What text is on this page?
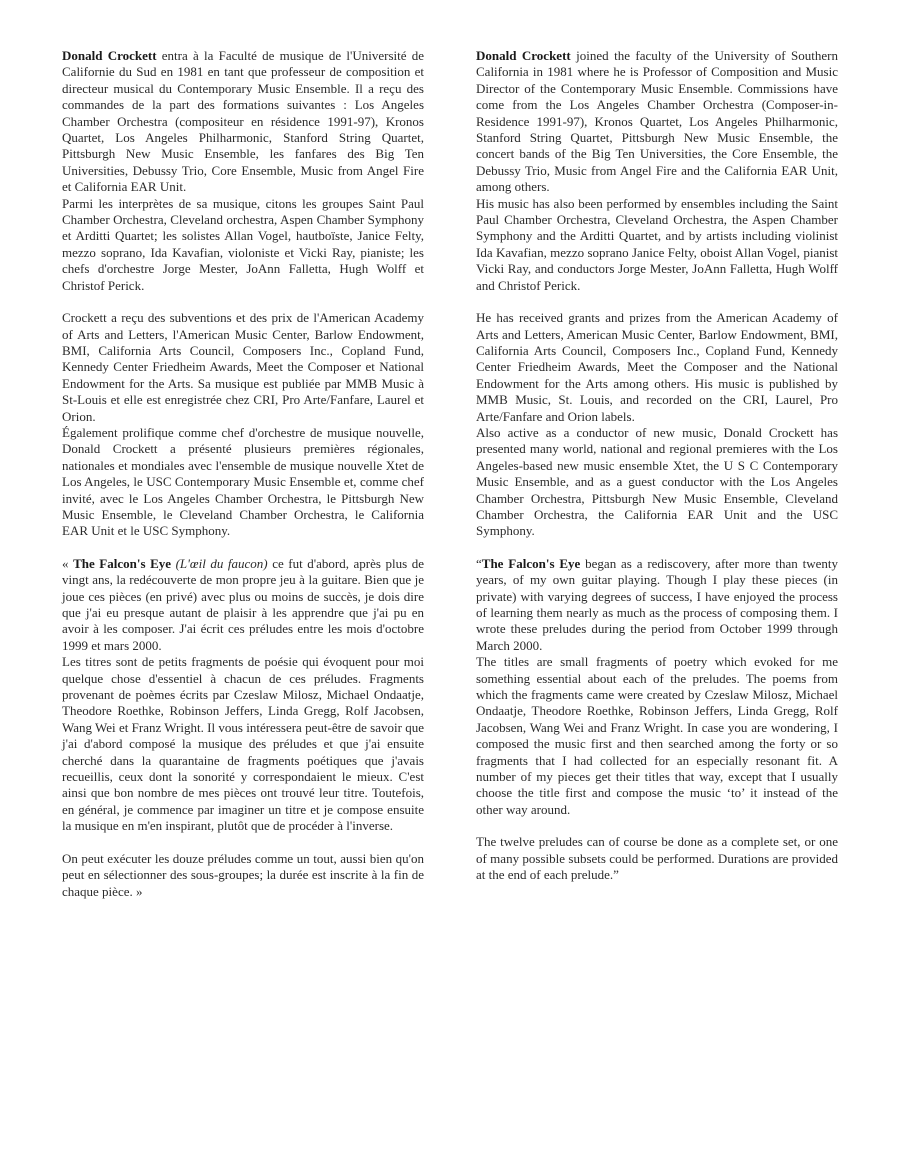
Donald Crockett entra à la Faculté de musique de l'Université de Californie du Sud en 1981 en tant que professeur de composition et directeur musical du Contemporary Music Ensemble. Il a reçu des commandes de la part des formations suivantes : Los Angeles Chamber Orchestra (compositeur en résidence 1991-97), Kronos Quartet, Los Angeles Philharmonic, Stanford String Quartet, Pittsburgh New Music Ensemble, les fanfares des Big Ten Universities, Debussy Trio, Core Ensemble, Music from Angel Fire et California EAR Unit.

Parmi les interprètes de sa musique, citons les groupes Saint Paul Chamber Orchestra, Cleveland orchestra, Aspen Chamber Symphony et Arditti Quartet; les solistes Allan Vogel, hautboïste, Janice Felty, mezzo soprano, Ida Kavafian, violoniste et Vicki Ray, pianiste; les chefs d'orchestre Jorge Mester, JoAnn Falletta, Hugh Wolff et Christof Perick.

Crockett a reçu des subventions et des prix de l'American Academy of Arts and Letters, l'American Music Center, Barlow Endowment, BMI, California Arts Council, Composers Inc., Copland Fund, Kennedy Center Friedheim Awards, Meet the Composer et National Endowment for the Arts. Sa musique est publiée par MMB Music à St-Louis et elle est enregistrée chez CRI, Pro Arte/Fanfare, Laurel et Orion.

Également prolifique comme chef d'orchestre de musique nouvelle, Donald Crockett a présenté plusieurs premières régionales, nationales et mondiales avec l'ensemble de musique nouvelle Xtet de Los Angeles, le USC Contemporary Music Ensemble et, comme chef invité, avec le Los Angeles Chamber Orchestra, le Pittsburgh New Music Ensemble, le Cleveland Chamber Orchestra, le California EAR Unit et le USC Symphony.

« The Falcon's Eye (L'œil du faucon) ce fut d'abord, après plus de vingt ans, la redécouverte de mon propre jeu à la guitare. Bien que je joue ces pièces (en privé) avec plus ou moins de succès, je dois dire que j'ai eu presque autant de plaisir à les apprendre que j'ai pu en avoir à les composer. J'ai écrit ces préludes entre les mois d'octobre 1999 et mars 2000.

Les titres sont de petits fragments de poésie qui évoquent pour moi quelque chose d'essentiel à chacun de ces préludes. Fragments provenant de poèmes écrits par Czeslaw Milosz, Michael Ondaatje, Theodore Roethke, Robinson Jeffers, Linda Gregg, Rolf Jacobsen, Wang Wei et Franz Wright. Il vous intéressera peut-être de savoir que j'ai d'abord composé la musique des préludes et que j'ai ensuite cherché dans la quarantaine de fragments poétiques que j'avais recueillis, ceux dont la sonorité y correspondaient le mieux. C'est ainsi que bon nombre de mes pièces ont trouvé leur titre. Toutefois, en général, je commence par imaginer un titre et je compose ensuite la musique en m'en inspirant, plutôt que de procéder à l'inverse.

On peut exécuter les douze préludes comme un tout, aussi bien qu'on peut en sélectionner des sous-groupes; la durée est inscrite à la fin de chaque pièce. »

Donald Crockett joined the faculty of the University of Southern California in 1981 where he is Professor of Composition and Music Director of the Contemporary Music Ensemble. Commissions have come from the Los Angeles Chamber Orchestra (Composer-in-Residence 1991-97), Kronos Quartet, Los Angeles Philharmonic, Stanford String Quartet, Pittsburgh New Music Ensemble, the concert bands of the Big Ten Universities, the Core Ensemble, the Debussy Trio, Music from Angel Fire and the California EAR Unit, among others.

His music has also been performed by ensembles including the Saint Paul Chamber Orchestra, Cleveland Orchestra, the Aspen Chamber Symphony and the Arditti Quartet, and by artists including violinist Ida Kavafian, mezzo soprano Janice Felty, oboist Allan Vogel, pianist Vicki Ray, and conductors Jorge Mester, JoAnn Falletta, Hugh Wolff and Christof Perick.

He has received grants and prizes from the American Academy of Arts and Letters, American Music Center, Barlow Endowment, BMI, California Arts Council, Composers Inc., Copland Fund, Kennedy Center Friedheim Awards, Meet the Composer and the National Endowment for the Arts among others. His music is published by MMB Music, St. Louis, and recorded on the CRI, Laurel, Pro Arte/Fanfare and Orion labels.

Also active as a conductor of new music, Donald Crockett has presented many world, national and regional premieres with the Los Angeles-based new music ensemble Xtet, the U S C Contemporary Music Ensemble, and as a guest conductor with the Los Angeles Chamber Orchestra, Pittsburgh New Music Ensemble, Cleveland Chamber Orchestra, the California EAR Unit and the USC Symphony.

“The Falcon's Eye began as a rediscovery, after more than twenty years, of my own guitar playing. Though I play these pieces (in private) with varying degrees of success, I have enjoyed the process of learning them nearly as much as the process of composing them. I wrote these preludes during the period from October 1999 through March 2000.

The titles are small fragments of poetry which evoked for me something essential about each of the preludes. The poems from which the fragments came were created by Czeslaw Milosz, Michael Ondaatje, Theodore Roethke, Robinson Jeffers, Linda Gregg, Rolf Jacobsen, Wang Wei and Franz Wright. In case you are wondering, I composed the music first and then searched among the forty or so fragments that I had collected for an especially resonant fit. A number of my pieces get their titles that way, except that I usually choose the title first and compose the music ‘to’ it instead of the other way around.

The twelve preludes can of course be done as a complete set, or one of many possible subsets could be performed. Durations are provided at the end of each prelude.”
